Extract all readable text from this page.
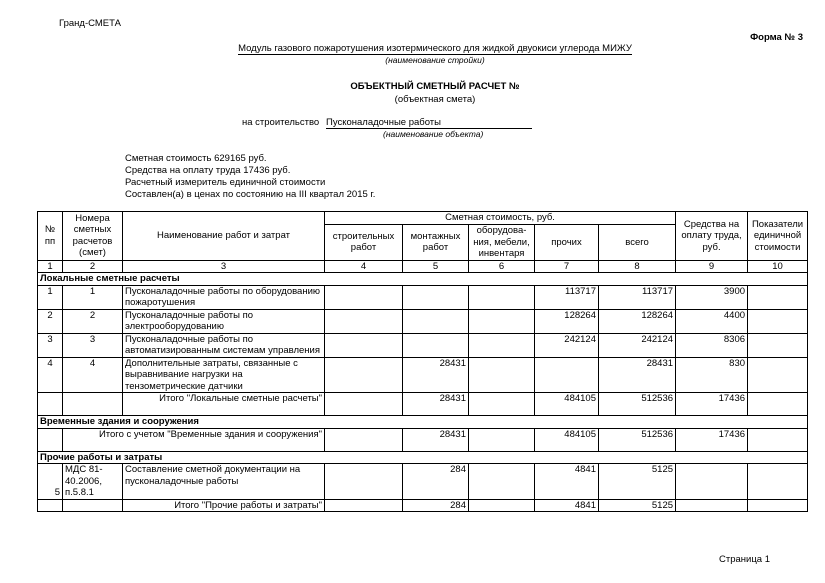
Гранд-СМЕТА
Форма № 3
Модуль газового пожаротушения изотермического для жидкой двуокиси углерода МИЖУ
(наименование стройки)
ОБЪЕКТНЫЙ СМЕТНЫЙ РАСЧЕТ №
(объектная смета)
на строительство Пусконаладочные работы
(наименование объекта)
Сметная стоимость 629165 руб.
Средства на оплату труда 17436 руб.
Расчетный измеритель единичной стоимости
Составлен(а) в ценах по состоянию на III квартал 2015 г.
№ пп	Номера сметных расчетов (смет)	Наименование работ и затрат	Сметная стоимость, руб.					Средства на оплату труда, руб.	Показатели единичной стоимости
			строительных работ	монтажных работ	оборудова-ния, мебели, инвентаря	прочих	всего		
1	2	3	4	5	6	7	8	9	10
Локальные сметные расчеты									
1	1	Пусконаладочные работы по оборудованию пожаротушения				113717	113717	3900	
2	2	Пусконаладочные работы по электрооборудованию				128264	128264	4400	
3	3	Пусконаладочные работы по автоматизированным системам управления				242124	242124	8306	
4	4	Дополнительные затраты, связанные с выравнивание нагрузки на тензометрические датчики		28431			28431	830	
		Итого "Локальные сметные расчеты"		28431		484105	512536	17436	
Временные здания и сооружения									
	Итого с учетом "Временные здания и сооружения"			28431		484105	512536	17436	
Прочие работы и затраты									
5	МДС 81-40.2006, п.5.8.1	Составление сметной документации на пусконаладочные работы		284		4841	5125		
		Итого "Прочие работы и затраты"		284		4841	5125		
Страница 1
